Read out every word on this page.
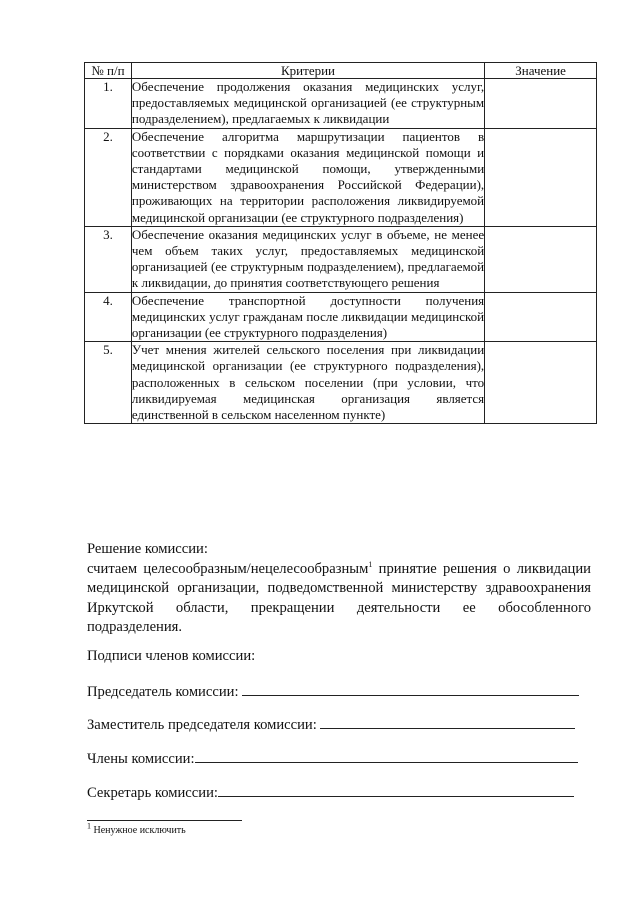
№ п/п	Критерии	Значение
1.	Обеспечение продолжения оказания медицинских услуг, предоставляемых медицинской организацией (ее структурным подразделением), предлагаемых к ликвидации	
2.	Обеспечение алгоритма маршрутизации пациентов в соответствии с порядками оказания медицинской помощи и стандартами медицинской помощи, утвержденными министерством здравоохранения Российской Федерации), проживающих на территории расположения ликвидируемой медицинской организации (ее структурного подразделения)	
3.	Обеспечение оказания медицинских услуг в объеме, не менее чем объем таких услуг, предоставляемых медицинской организацией (ее структурным подразделением), предлагаемой к ликвидации, до принятия соответствующего решения	
4.	Обеспечение транспортной доступности получения медицинских услуг гражданам после ликвидации медицинской организации (ее структурного подразделения)	
5.	Учет мнения жителей сельского поселения при ликвидации медицинской организации (ее структурного подразделения), расположенных в сельском поселении (при условии, что ликвидируемая медицинская организация является единственной в сельском населенном пункте)	
Решение комиссии:
считаем целесообразным/нецелесообразным$^1$ принятие решения о ликвидации медицинской организации, подведомственной министерству здравоохранения Иркутской области, прекращении деятельности ее обособленного подразделения.
Подписи членов комиссии:
Председатель комиссии:
Заместитель председателя комиссии:
Члены комиссии:
Секретарь комиссии:
$^1$ Ненужное исключить
